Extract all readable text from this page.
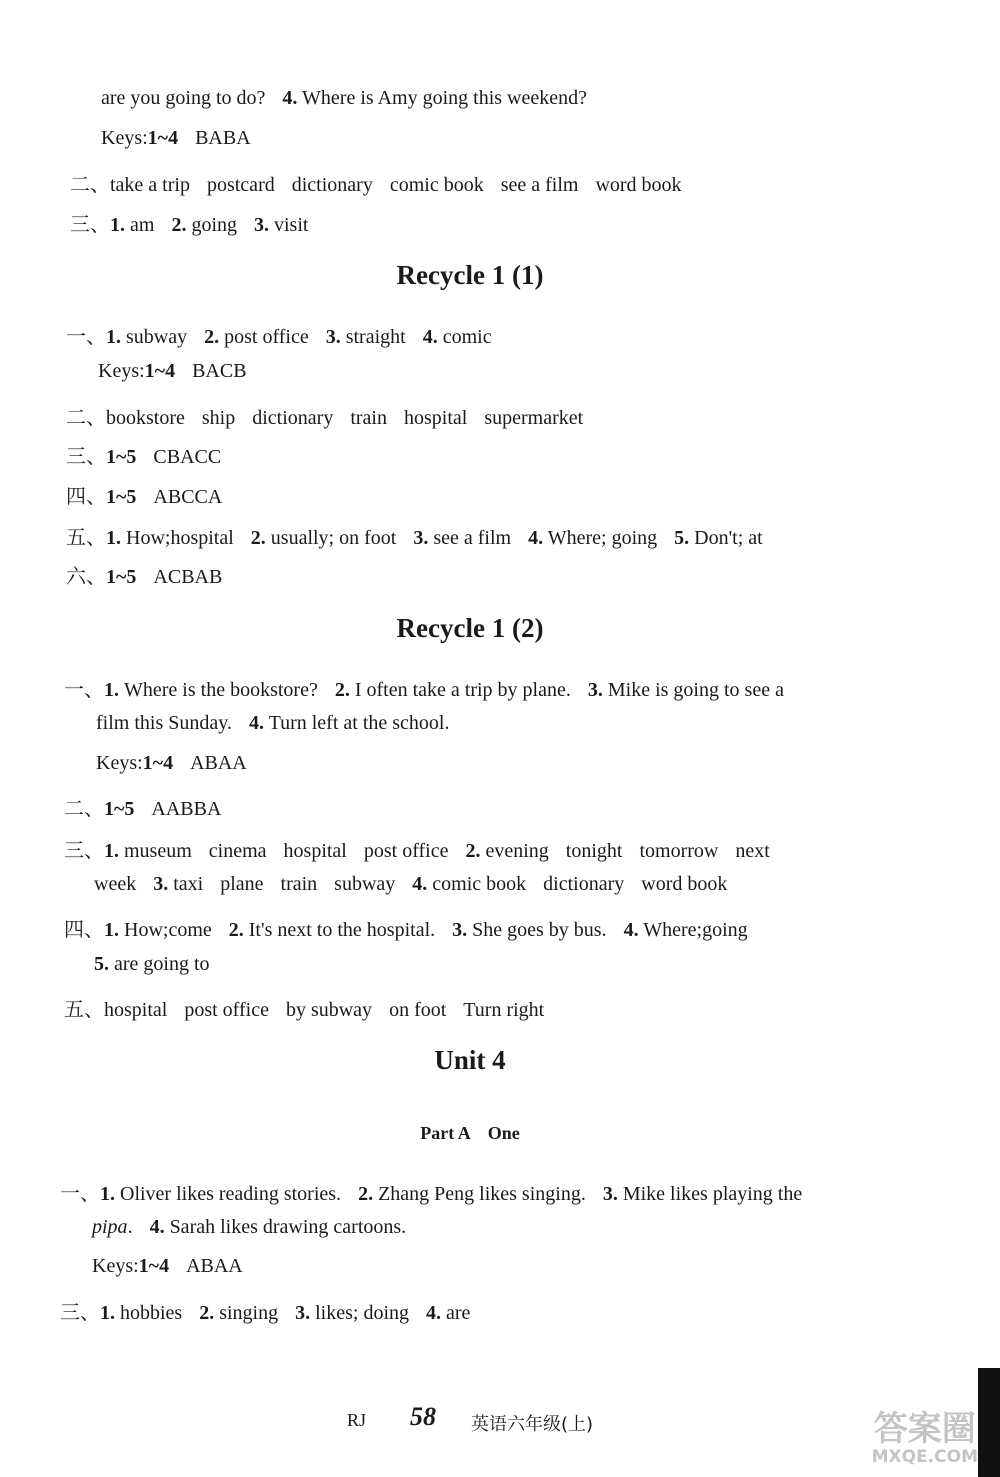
are you going to do? 4. Where is Amy going this weekend?
Keys:1~4 BABA
二、take a trip postcard dictionary comic book see a film word book
三、1. am 2. going 3. visit
Recycle 1 (1)
一、1. subway 2. post office 3. straight 4. comic
Keys:1~4 BACB
二、bookstore ship dictionary train hospital supermarket
三、1~5 CBACC
四、1~5 ABCCA
五、1. How;hospital 2. usually; on foot 3. see a film 4. Where; going 5. Don't; at
六、1~5 ACBAB
Recycle 1 (2)
一、1. Where is the bookstore? 2. I often take a trip by plane. 3. Mike is going to see a
film this Sunday. 4. Turn left at the school.
Keys:1~4 ABAA
二、1~5 AABBA
三、1. museum cinema hospital post office 2. evening tonight tomorrow next
week 3. taxi plane train subway 4. comic book dictionary word book
四、1. How;come 2. It's next to the hospital. 3. She goes by bus. 4. Where;going
5. are going to
五、hospital post office by subway on foot Turn right
Unit 4
Part A One
一、1. Oliver likes reading stories. 2. Zhang Peng likes singing. 3. Mike likes playing the
pipa. 4. Sarah likes drawing cartoons.
Keys:1~4 ABAA
三、1. hobbies 2. singing 3. likes; doing 4. are
RJ 58 英语六年级(上)	答案圈
MXQE.COM
